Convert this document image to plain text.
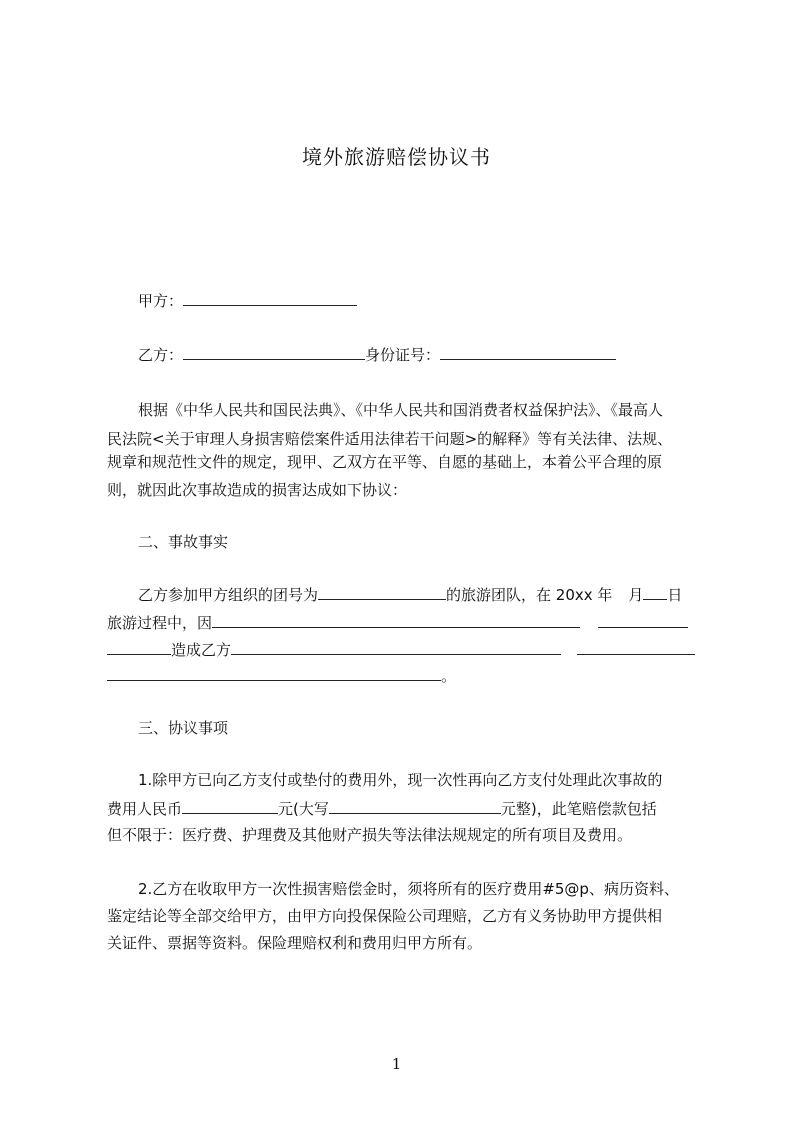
境外旅游赔偿协议书
甲方：
乙方：	身份证号：
根据《中华人民共和国民法典》、《中华人民共和国消费者权益保护法》、《最高人
民法院<关于审理人身损害赔偿案件适用法律若干问题>的解释》等有关法律、法规、
规章和规范性文件的规定，现甲、乙双方在平等、自愿的基础上，本着公平合理的原
则，就因此次事故造成的损害达成如下协议：
二、事故事实
乙方参加甲方组织的团号为	的旅游团队，在 20xx 年 月 日
旅游过程中，因
造成乙方
。
三、协议事项
1.除甲方已向乙方支付或垫付的费用外，现一次性再向乙方支付处理此次事故的
费用人民币	元(大写	元整)，此笔赔偿款包括
但不限于：医疗费、护理费及其他财产损失等法律法规规定的所有项目及费用。
2.乙方在收取甲方一次性损害赔偿金时，须将所有的医疗费用#5@p、病历资料、
鉴定结论等全部交给甲方，由甲方向投保保险公司理赔，乙方有义务协助甲方提供相
关证件、票据等资料。保险理赔权利和费用归甲方所有。
1
